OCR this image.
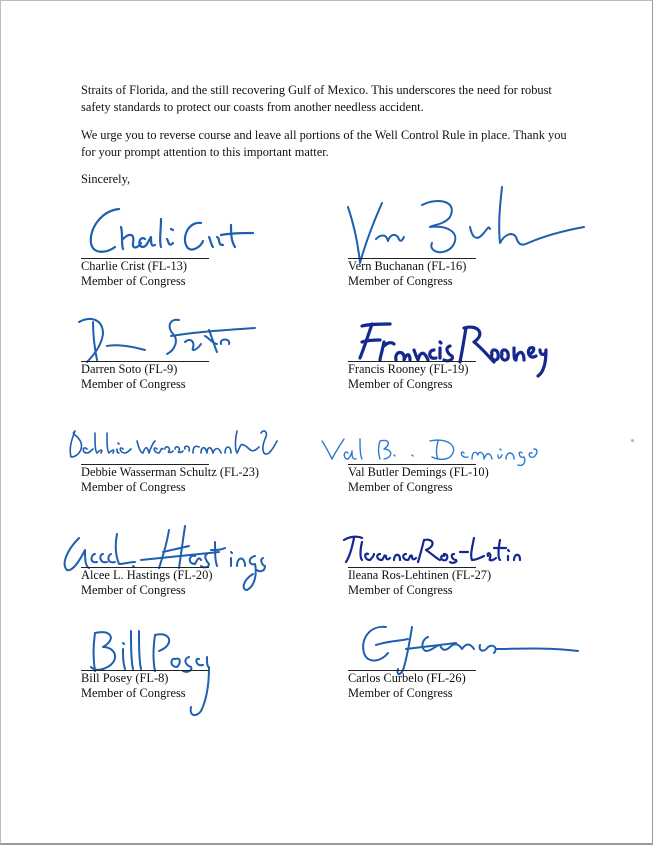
Straits of Florida, and the still recovering Gulf of Mexico. This underscores the need for robust safety standards to protect our coasts from another needless accident.

We urge you to reverse course and leave all portions of the Well Control Rule in place. Thank you for your prompt attention to this important matter.

Sincerely,

Charlie Crist (FL-13)
Member of Congress
Vern Buchanan (FL-16)
Member of Congress
Darren Soto (FL-9)
Member of Congress
Francis Rooney (FL-19)
Member of Congress
Debbie Wasserman Schultz (FL-23)
Member of Congress
Val Butler Demings (FL-10)
Member of Congress
Alcee L. Hastings (FL-20)
Member of Congress
Ileana Ros-Lehtinen (FL-27)
Member of Congress
Bill Posey (FL-8)
Member of Congress
Carlos Curbelo (FL-26)
Member of Congress
